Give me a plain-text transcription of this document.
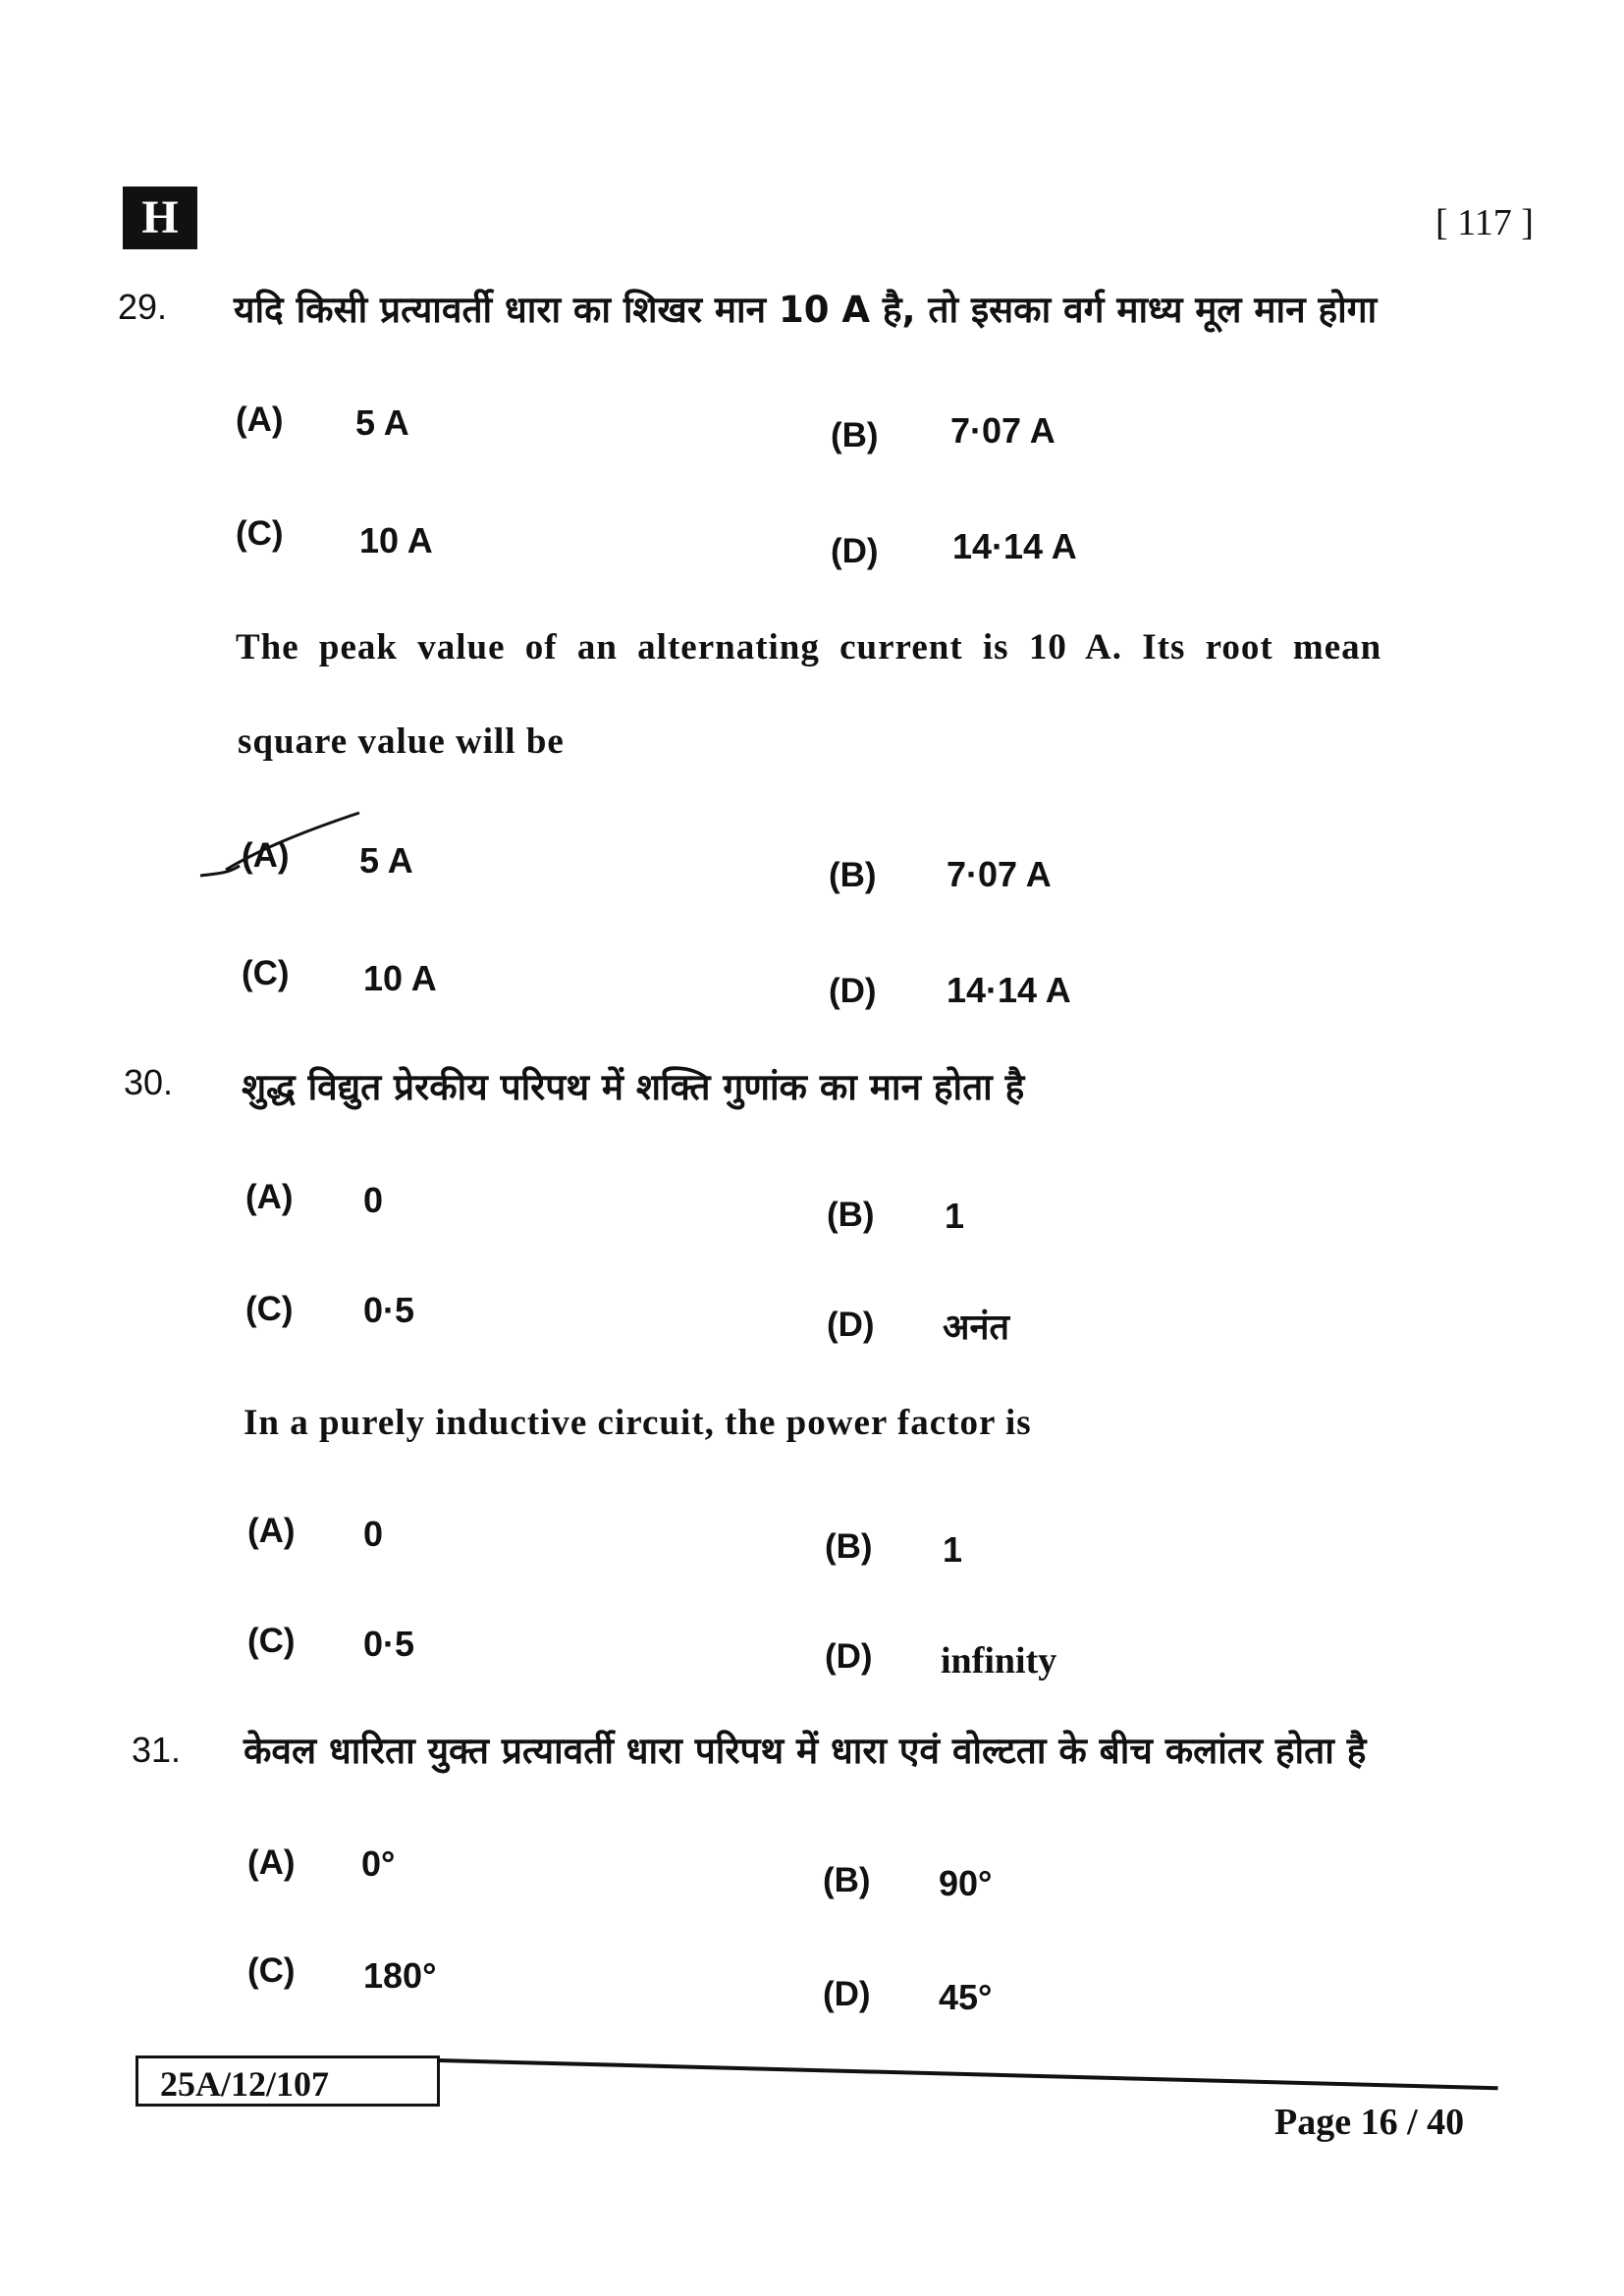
H	[ 117 ]
29. यदि किसी प्रत्यावर्ती धारा का शिखर मान 10 A है, तो इसका वर्ग माध्य मूल मान होगा
(A) 5 A	(B) 7·07 A
(C) 10 A	(D) 14·14 A
The peak value of an alternating current is 10 A. Its root mean
square value will be
(A) 5 A	(B) 7·07 A
(C) 10 A	(D) 14·14 A
30. शुद्ध विद्युत प्रेरकीय परिपथ में शक्ति गुणांक का मान होता है
(A) 0	(B) 1
(C) 0·5	(D) अनंत
In a purely inductive circuit, the power factor is
(A) 0	(B) 1
(C) 0·5	(D) infinity
31. केवल धारिता युक्त प्रत्यावर्ती धारा परिपथ में धारा एवं वोल्टता के बीच कलांतर होता है
(A) 0°	(B) 90°
(C) 180°	(D) 45°
25A/12/107
Page 16 / 40
